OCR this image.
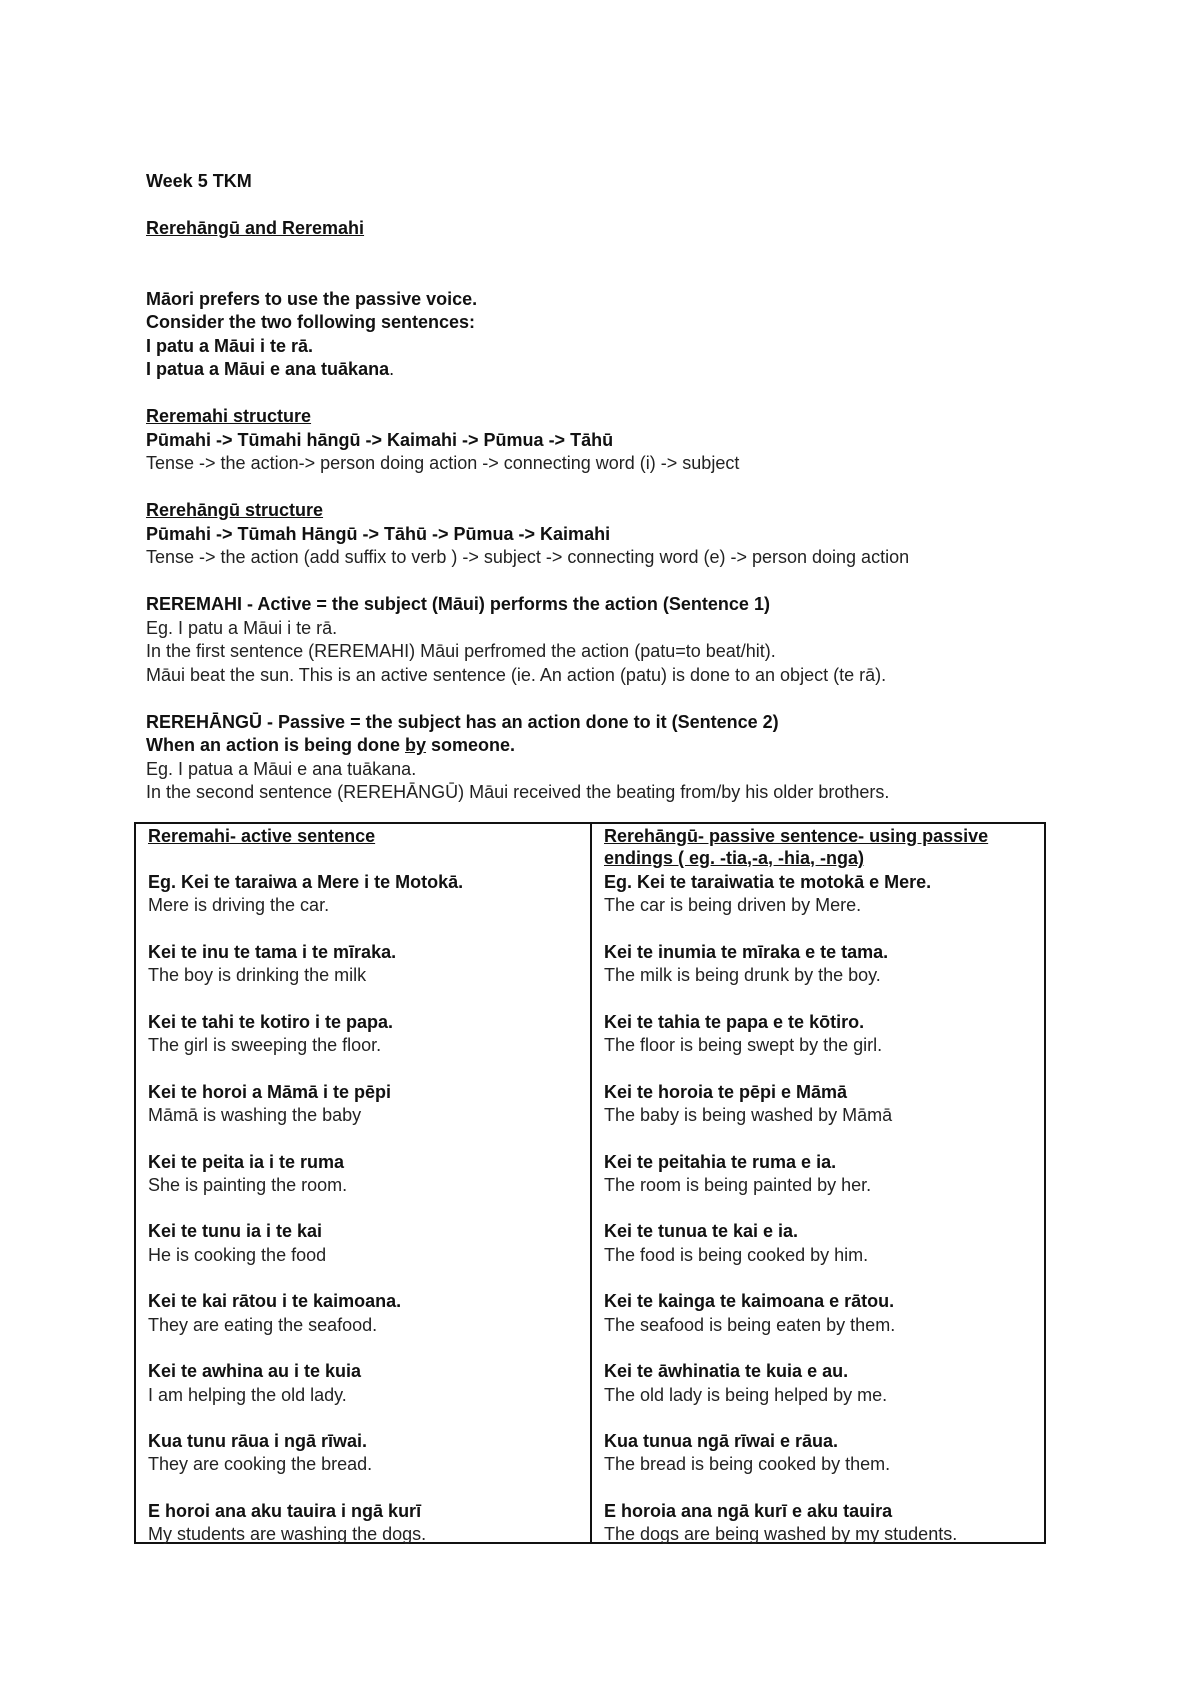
Week 5 TKM
Rerehāngū and Reremahi
Māori prefers to use the passive voice.
Consider the two following sentences:
I patu a Māui i te rā.
I patua a Māui e ana tuākana.
Reremahi structure
Pūmahi -> Tūmahi hāngū -> Kaimahi -> Pūmua -> Tāhū
Tense -> the action-> person doing action -> connecting word (i) -> subject
Rerehāngū structure
Pūmahi -> Tūmah Hāngū -> Tāhū -> Pūmua -> Kaimahi
Tense -> the action (add suffix to verb ) -> subject -> connecting word (e) -> person doing action
REREMAHI - Active = the subject (Māui) performs the action (Sentence 1)
Eg. I patu a Māui i te rā.
In the first sentence (REREMAHI) Māui perfromed the action (patu=to beat/hit).
Māui beat the sun. This is an active sentence (ie. An action (patu) is done to an object (te rā).
REREHĀNGŪ - Passive = the subject has an action done to it (Sentence 2)
When an action is being done by someone.
Eg. I patua a Māui e ana tuākana.
In the second sentence (REREHĀNGŪ) Māui received the beating from/by his older brothers.
Reremahi- active sentence
Eg. Kei te taraiwa a Mere i te Motokā.
Mere is driving the car.
Kei te inu te tama i te mīraka.
The boy is drinking the milk
Kei te tahi te kotiro i te papa.
The girl is sweeping the floor.
Kei te horoi a Māmā i te pēpi
Māmā is washing the baby
Kei te peita ia i te ruma
She is painting the room.
Kei te tunu ia i te kai
He is cooking the food
Kei te kai rātou i te kaimoana.
They are eating the seafood.
Kei te awhina au i te kuia
I am helping the old lady.
Kua tunu rāua i ngā rīwai.
They are cooking the bread.
E horoi ana aku tauira i ngā kurī
My students are washing the dogs.
Rerehāngū- passive sentence- using passive endings ( eg. -tia,-a, -hia, -nga)
Eg. Kei te taraiwatia te motokā e Mere.
The car is being driven by Mere.
Kei te inumia te mīraka e te tama.
The milk is being drunk by the boy.
Kei te tahia te papa e te kōtiro.
The floor is being swept by the girl.
Kei te horoia te pēpi e Māmā
The baby is being washed by Māmā
Kei te peitahia te ruma e ia.
The room is being painted by her.
Kei te tunua te kai e ia.
The food is being cooked by him.
Kei te kainga te kaimoana e rātou.
The seafood is being eaten by them.
Kei te āwhinatia te kuia e au.
The old lady is being helped by me.
Kua tunua ngā rīwai e rāua.
The bread is being cooked by them.
E horoia ana ngā kurī e aku tauira
The dogs are being washed by my students.
